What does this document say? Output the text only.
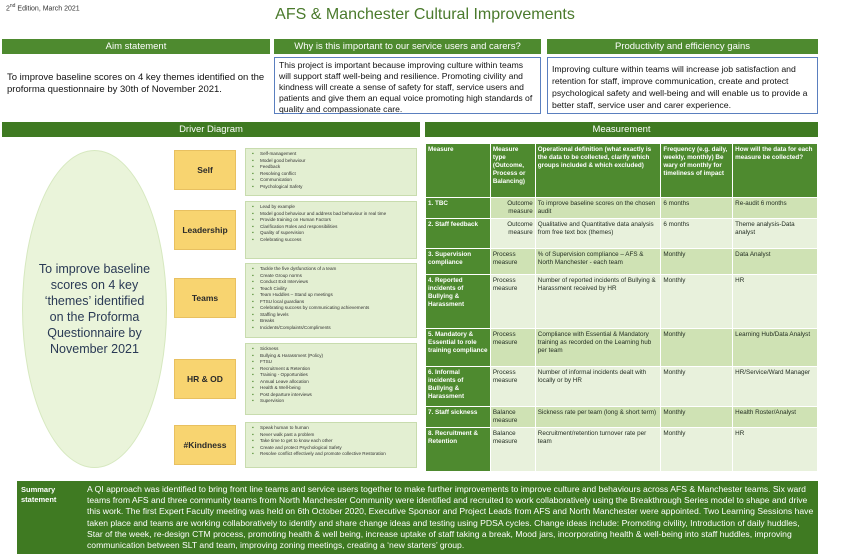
2nd Edition, March 2021	AFS & Manchester Cultural Improvements
Aim statement	Why is this important to our service users and carers?	Productivity and efficiency gains
To improve baseline scores on 4 key themes identified on the proforma questionnaire by 30th of November 2021.
This project is important because improving culture within teams will support staff well-being and resilience. Promoting civility and kindness will create a sense of safety for staff, service users and patients and give them an equal voice promoting high standards of quality and compassionate care.
Improving culture within teams will increase job satisfaction and retention for staff, improve communication, create and protect psychological safety and well-being and will enable us to provide a better staff, service user and carer experience.
Driver Diagram	Measurement
To improve baseline scores on 4 key ‘themes’ identified on the Proforma Questionnaire by November 2021
Self
▪ Self-management
▪ Model good behaviour
▪ Feedback
▪ Resolving conflict
▪ Communication
▪ Psychological Safety
Leadership
▪ Lead by example
▪ Model good behaviour and address bad behaviour in real time
▪ Provide training on Human Factors
▪ Clarification Roles and responsibilities
▪ Quality of supervision
▪ Celebrating success
Teams
▪ Tackle the five dysfunctions of a team
▪ Create Group norms
▪ Conduct Exit Interviews
▪ Teach Civility
▪ Team Huddles – Stand up meetings
▪ FTSU local guardians
▪ Celebrating success by communicating achievements
▪ Staffing levels
▪ Breaks
▪ Incidents/Complaints/Compliments
HR & OD
▪ Sickness
▪ Bullying & Harassment (Policy)
▪ FTSU
▪ Recruitment & Retention
▪ Training - Opportunities
▪ Annual Leave allocation
▪ Health & Well-being
▪ Post departure interviews
▪ Supervision
#Kindness
▪ Speak human to human
▪ Never walk past a problem
▪ Take time to get to know each other
▪ Create and protect Psychological Safety
▪ Resolve conflict effectively and promote collective Restoration
Measure	Measure type (Outcome, Process or Balancing)	Operational definition (what exactly is the data to be collected, clarify which groups included & which excluded)	Frequency (e.g. daily, weekly, monthly) Be wary of monthly for timeliness of impact	How will the data for each measure be collected?
1. TBC	Outcome measure	To improve baseline scores on the chosen audit	6 months	Re-audit 6 months
2. Staff feedback	Outcome measure	Qualitative and Quantitative data analysis from free text box (themes)	6 months	Theme analysis-Data analyst
3. Supervision compliance	Process measure	% of Supervision compliance – AFS & North Manchester - each team	Monthly	Data Analyst
4. Reported incidents of Bullying & Harassment	Process measure	Number of reported incidents of Bullying & Harassment received by HR	Monthly	HR
5. Mandatory & Essential to role training compliance	Process measure	Compliance with Essential & Mandatory training as recorded on the Learning hub per team	Monthly	Learning Hub/Data Analyst
6. Informal incidents of Bullying & Harassment	Process measure	Number of informal incidents dealt with locally or by HR	Monthly	HR/Service/Ward Manager
7. Staff sickness	Balance measure	Sickness rate per team (long & short term)	Monthly	Health Roster/Analyst
8. Recruitment & Retention	Balance measure	Recruitment/retention turnover rate per team	Monthly	HR
Summary statement
A QI approach was identified to bring front line teams and service users together to make further improvements to improve culture and behaviours across AFS & Manchester teams. Six ward teams from AFS and three community teams from North Manchester Community were identified and recruited to work collaboratively using the Breakthrough Series model to shape and drive this work. The first Expert Faculty meeting was held on 6th October 2020, Executive Sponsor and Project Leads from AFS and North Manchester were appointed. Two Learning Sessions have taken place and teams are working collaboratively to identify and share change ideas and testing using PDSA cycles. Change ideas include: Promoting civility, Introduction of daily huddles, Star of the week, re-design CTM process, promoting health & well being, increase uptake of staff taking a break, Mood jars, incorporating health & well-being into staff huddles, improving communication between SLT and team, improving zoning meetings, creating a ‘new starters’ group.
